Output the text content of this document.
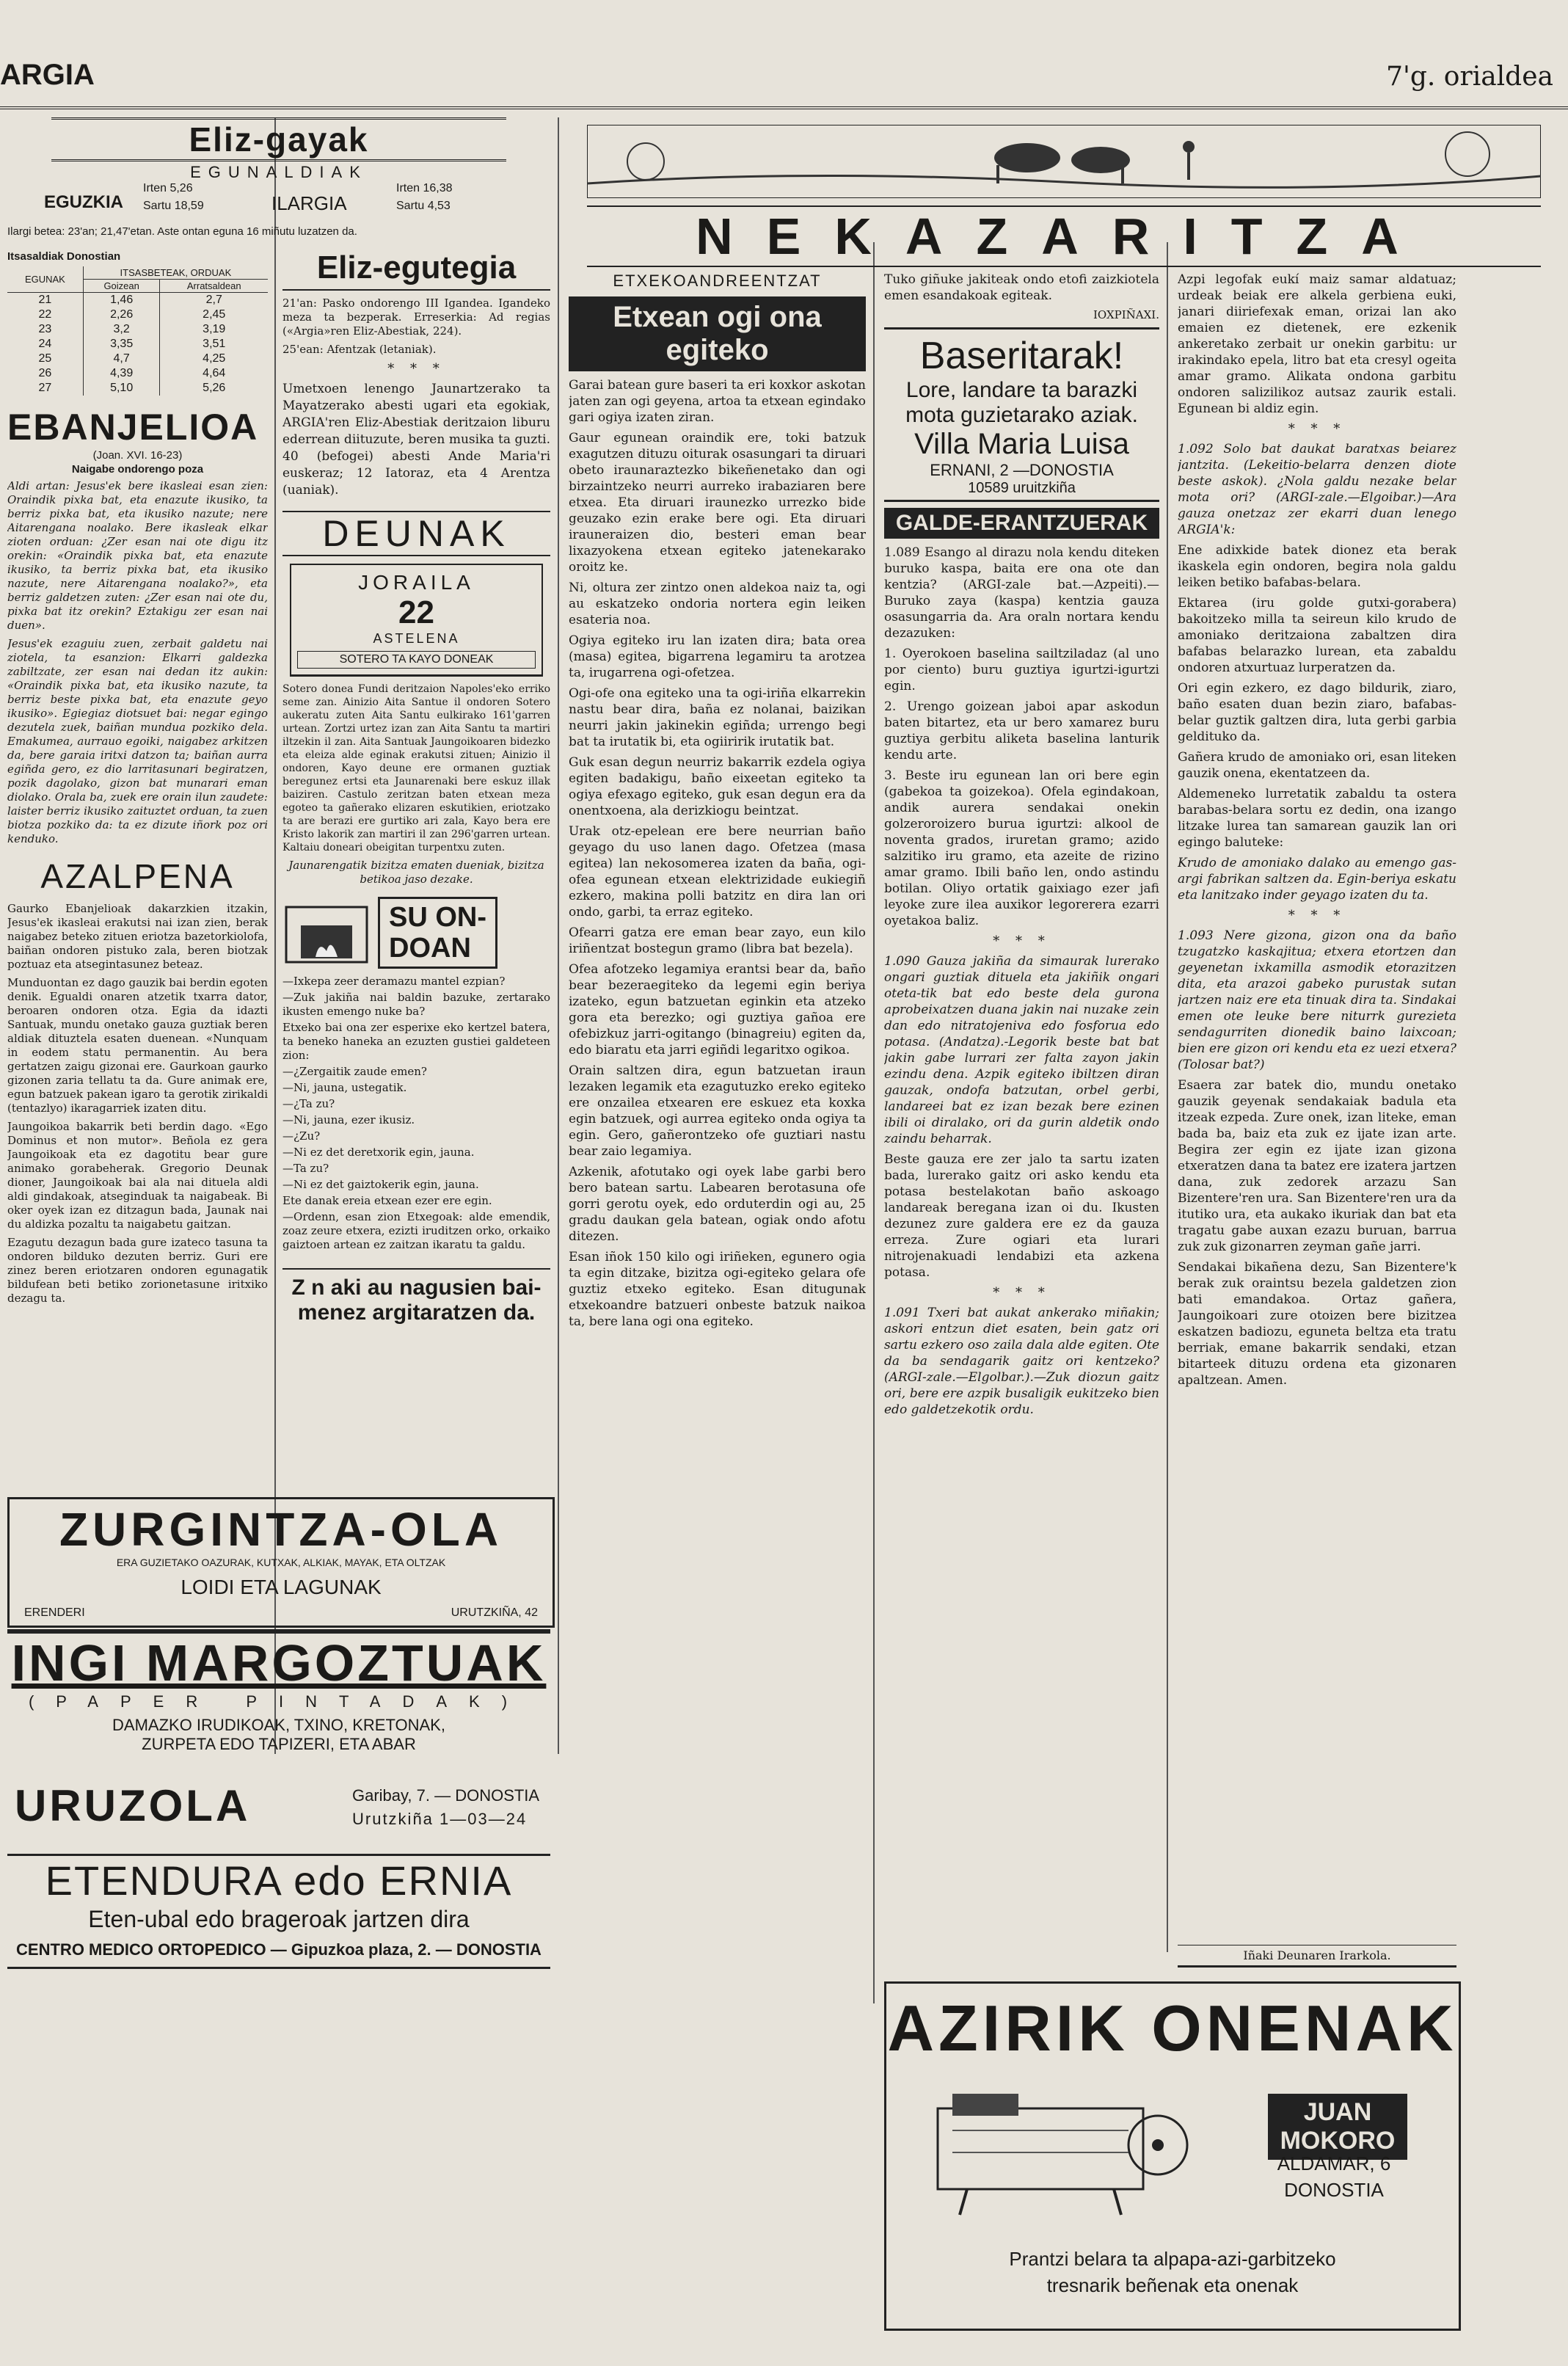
ARGIA	7'g. orialdea
Eliz-gayak
EGUNALDIAK
EGUZKIA
Irten 5,26
Sartu 18,59	ILARGIA
Irten 16,38
Sartu 4,53
Ilargi betea: 23'an; 21,47'etan. Aste ontan eguna 16 miñutu luzatzen da.
Itsasaldiak Donostian
EGUNAK	ITSASBETEAK, ORDUAK	
	Goizean	Arratsaldean
21	1,46	2,7
22	2,26	2,45
23	3,2	3,19
24	3,35	3,51
25	4,7	4,25
26	4,39	4,64
27	5,10	5,26
EBANJELIOA
(Joan. XVI. 16-23)
Naigabe ondorengo poza

Aldi artan: Jesus'ek bere ikasleai esan zien: Oraindik pixka bat, eta enazute ikusiko, ta berriz pixka bat, eta ikusiko nazute; nere Aitarengana noalako. Bere ikasleak elkar zioten orduan: ¿Zer esan nai ote digu itz orekin: «Oraindik pixka bat, eta enazute ikusiko, ta berriz pixka bat, eta ikusiko nazute, nere Aitarengana noalako?», eta berriz galdetzen zuten: ¿Zer esan nai ote du, pixka bat itz orekin? Eztakigu zer esan nai duen».

Jesus'ek ezaguiu zuen, zerbait galdetu nai ziotela, ta esanzion: Elkarri galdezka zabiltzate, zer esan nai dedan itz aukin: «Oraindik pixka bat, eta ikusiko nazute, ta berriz beste pixka bat, eta enazute geyo ikusiko». Egiegiaz diotsuet bai: negar egingo dezutela zuek, baiñan mundua pozkiko dela. Emakumea, aurrauo egoiki, naigabez arkitzen da, bere garaia iritxi datzon ta; baiñan aurra egiñda gero, ez dio larritasunari begiratzen, pozik dagolako, gizon bat munarari eman diolako. Orala ba, zuek ere orain ilun zaudete: laister berriz ikusiko zaituztet orduan, ta zuen biotza pozkiko da: ta ez dizute iñork poz ori kenduko.

AZALPENA

Gaurko Ebanjelioak dakarzkien itzakin, Jesus'ek ikasleai erakutsi nai izan zien, berak naigabez beteko zituen eriotza bazetorkiolofa, baiñan ondoren pistuko zala, beren biotzak poztuaz eta atsegintasunez beteaz.

Munduontan ez dago gauzik bai berdin egoten denik. Egualdi onaren atzetik txarra dator, beroaren ondoren otza. Egia da idazti Santuak, mundu onetako gauza guztiak beren aldiak dituztela esaten duenean. «Nunquam in eodem statu permanentin. Au bera gertatzen zaigu gizonai ere. Gaurkoan gaurko gizonen zaria tellatu ta da. Gure animak ere, egun batzuek pakean igaro ta gerotik zirikaldi (tentazlyo) ikaragarriek izaten ditu.

Jaungoikoa bakarrik beti berdin dago. «Ego Dominus et non mutor». Beñola ez gera Jaungoikoak eta ez dagotitu bear gure animako gorabeherak. Gregorio Deunak dioner, Jaungoikoak bai ala nai dituela aldi aldi gindakoak, atseginduak ta naigabeak. Bi oker oyek izan ez ditzagun bada, Jaunak nai du aldizka pozaltu ta naigabetu gaitzan.

Ezagutu dezagun bada gure izateco tasuna ta ondoren bilduko dezuten berriz. Guri ere zinez beren eriotzaren ondoren egunagatik bildufean beti betiko zorionetasune iritxiko dezagu ta.

Eliz-egutegia

21'an: Pasko ondorengo III Igandea. Igandeko meza ta bezperak. Erreserkia: Ad regias («Argia»ren Eliz-Abestiak, 224).

25'ean: Afentzak (letaniak).

* * *

Umetxoen lenengo Jaunartzerako ta Mayatzerako abesti ugari eta egokiak, ARGIA'ren Eliz-Abestiak deritzaion liburu ederrean diituzute, beren musika ta guzti. 40 (befogei) abesti Ande Maria'ri euskeraz; 12 Iatoraz, eta 4 Arentza (uaniak).

DEUNAK
JORAILA
22
ASTELENA
SOTERO TA KAYO DONEAK

Sotero donea Fundi deritzaion Napoles'eko erriko seme zan. Ainizio Aita Santue il ondoren Sotero aukeratu zuten Aita Santu eulkirako 161'garren urtean. Zortzi urtez izan zan Aita Santu ta martiri iltzekin il zan. Aita Santuak Jaungoikoaren bidezko eta eleiza alde eginak erakutsi zituen; Ainizio il ondoren, Kayo deune ere ormanen guztiak beregunez ertsi eta Jaunarenaki bere eskuz illak baiziren. Castulo zeritzan baten etxean meza egoteo ta gañerako elizaren eskutikien, eriotzako ta are berazi ere gurtiko ari zala, Kayo bera ere Kristo lakorik zan martiri il zan 296'garren urtean. Kaltaiu doneari obeigitan turpentxu zuten.

Jaunarengatik bizitza ematen dueniak, bizitza betikoa jaso dezake.

SU ON-
DOAN

—Ixkepa zeer deramazu mantel ezpian?

—Zuk jakiña nai baldin bazuke, zertarako ikusten emengo nuke ba?

Etxeko bai ona zer esperixe eko kertzel batera, ta beneko haneka an ezuzten gustiei galdeteen zion:

—¿Zergaitik zaude emen?

—Ni, jauna, ustegatik.

—¿Ta zu?

—Ni, jauna, ezer ikusiz.

—¿Zu?

—Ni ez det deretxorik egin, jauna.

—Ta zu?

—Ni ez det gaiztokerik egin, jauna.

Ete danak ereia etxean ezer ere egin.

—Ordenn, esan zion Etxegoak: alde emendik, zoaz zeure etxera, ezizti iruditzen orko, orkaiko gaiztoen artean ez zaitzan ikaratu ta galdu.

Z n aki au nagusien bai- menez argitaratzen da.
ZURGINTZA-OLA
ERA GUZIETAKO OAZURAK, KUTXAK, ALKIAK, MAYAK, ETA OLTZAK
LOIDI ETA LAGUNAK
ERENDERI	URUTZKIÑA, 42
INGI MARGOZTUAK
(PAPER PINTADAK)
DAMAZKO IRUDIKOAK, TXINO, KRETONAK,
ZURPETA EDO TAPIZERI, ETA ABAR
URUZOLA	Garibay, 7. — DONOSTIA
Urutzkiña 1—03—24
ETENDURA edo ERNIA
Eten-ubal edo brageroak jartzen dira
CENTRO MEDICO ORTOPEDICO — Gipuzkoa plaza, 2. — DONOSTIA
NEKAZARITZA
ETXEKOANDREENTZAT
Etxean ogi ona egiteko

Garai batean gure baseri ta eri koxkor askotan jaten zan ogi geyena, artoa ta etxean egindako gari ogiya izaten ziran.

Gaur egunean oraindik ere, toki batzuk exagutzen dituzu oiturak osasungari ta diruari obeto iraunaraztezko bikeñenetako dan ogi birzaintzeko neurri aurreko irabaziaren bere etxea. Eta diruari iraunezko urrezko bide geuzako ezin erake bere ogi. Eta diruari irauneraizen dio, besteri eman bear lixazyokena etxean egiteko jatenekarako oroitz ke.

Ni, oltura zer zintzo onen aldekoa naiz ta, ogi au eskatzeko ondoria nortera egin leiken esateria noa.

Ogiya egiteko iru lan izaten dira; bata orea (masa) egitea, bigarrena legamiru ta arotzea ta, irugarrena ogi-ofetzea.

Ogi-ofe ona egiteko una ta ogi-iriña elkarrekin nastu bear dira, baña ez nolanai, baizikan neurri jakin jakinekin egiñda; urrengo begi bat ta irutatik bi, eta ogiiririk irutatik bat.

Guk esan degun neurriz bakarrik ezdela ogiya egiten badakigu, baño eixeetan egiteko ta ogiya efexago egiteko, guk esan degun era da onentxoena, ala derizkiogu beintzat.

Urak otz-epelean ere bere neurrian baño geyago du uso lanen dago. Ofetzea (masa egitea) lan nekosomerea izaten da baña, ogi-ofea egunean etxean elektrizidade eukiegiñ ezkero, makina polli batzitz en dira lan ori ondo, garbi, ta erraz egiteko.

Ofearri gatza ere eman bear zayo, eun kilo iriñentzat bostegun gramo (libra bat bezela).

Ofea afotzeko legamiya erantsi bear da, baño bear bezeraegiteko da legemi egin beriya izateko, egun batzuetan eginkin eta atzeko gora eta berezko; ogi guztiya gañoa ere ofebizkuz jarri-ogitango (binagreiu) egiten da, edo biaratu eta jarri egiñdi legaritxo ogikoa.

Orain saltzen dira, egun batzuetan iraun lezaken legamik eta ezagutuzko ereko egiteko ere onzailea etxearen ere eskuez eta koxka egin batzuek, ogi aurrea egiteko onda ogiya ta egin. Gero, gañerontzeko ofe guztiari nastu bear zaio legamiya.

Azkenik, afotutako ogi oyek labe garbi bero bero batean sartu. Labearen berotasuna ofe gorri gerotu oyek, edo orduterdin ogi au, 25 gradu daukan gela batean, ogiak ondo afotu ditezen.

Esan iñok 150 kilo ogi iriñeken, egunero ogia ta egin ditzake, bizitza ogi-egiteko gelara ofe guztiz etxeko egiteko. Esan ditugunak etxekoandre batzueri onbeste batzuk naikoa ta, bere lana ogi ona egiteko.

Tuko giñuke jakiteak ondo etofi zaizkiotela emen esandakoak egiteak.

IOXPIÑAXI.
Baseritarak!
Lore, landare ta barazki
mota guzietarako aziak.
Villa Maria Luisa
ERNANI, 2 —DONOSTIA
10589 uruitzkiña
GALDE-ERANTZUERAK

1.089 Esango al dirazu nola kendu diteken buruko kaspa, baita ere ona ote dan kentzia? (ARGI-zale bat.—Azpeiti).—Buruko zaya (kaspa) kentzia gauza osasungarria da. Ara oraln nortara kendu dezazuken:

1. Oyerokoen baselina sailtziladaz (al uno por ciento) buru guztiya igurtzi-igurtzi egin.

2. Urengo goizean jaboi apar askodun baten bitartez, eta ur bero xamarez buru guztiya gerbitu aliketa baselina lanturik kendu arte.

3. Beste iru egunean lan ori bere egin (gabekoa ta goizekoa). Ofela egindakoan, andik aurera sendakai onekin golzeroroizero burua igurtzi: alkool de noventa grados, iruretan gramo; azido salzitiko iru gramo, eta azeite de rizino amar gramo. Ibili baño len, ondo astindu botilan. Oliyo ortatik gaixiago ezer jafi leyoke zure ilea auxikor legorerera ezarri oyetakoa baliz.

* * *

1.090 Gauza jakiña da simaurak lurerako ongari guztiak dituela eta jakiñik ongari oteta-tik bat edo beste dela gurona aprobeixatzen duana jakin nai nuzake zein dan edo nitratojeniva edo fosforua edo potasa. (Andatza).-Legorik beste bat bat jakin gabe lurrari zer falta zayon jakin ezindu dena. Azpik egiteko ibiltzen diran gauzak, ondofa batzutan, orbel gerbi, landareei bat ez izan bezak bere ezinen ibili oi diralako, ori da gurin aldetik ondo zaindu beharrak.

Beste gauza ere zer jalo ta sartu izaten bada, lurerako gaitz ori asko kendu eta potasa bestelakotan baño askoago landareak beregana izan oi du. Ikusten dezunez zure galdera ere ez da gauza erreza. Zure ogiari eta lurari nitrojenakuadi lendabizi eta azkena potasa.

* * *

1.091 Txeri bat aukat ankerako miñakin; askori entzun diet esaten, bein gatz ori sartu ezkero oso zaila dala alde egiten. Ote da ba sendagarik gaitz ori kentzeko? (ARGI-zale.—Elgolbar.).—Zuk diozun gaitz ori, bere ere azpik busaligik eukitzeko bien edo galdetzekotik ordu.

Azpi legofak eukí maiz samar aldatuaz; urdeak beiak ere alkela gerbiena euki, janari diiriefexak eman, orizai lan ako emaien ez dietenek, ere ezkenik ankeretako zerbait ur onekin garbitu: ur irakindako epela, litro bat eta cresyl ogeita amar gramo. Alikata ondona garbitu ondoren salizilikoz autsaz zaurik estali. Egunean bi aldiz egin.

* * *

1.092 Solo bat daukat baratxas beiarez jantzita. (Lekeitio-belarra denzen diote beste askok). ¿Nola galdu nezake belar mota ori? (ARGI-zale.—Elgoibar.)—Ara gauza onetzaz zer ekarri duan lenego ARGIA'k:

Ene adixkide batek dionez eta berak ikaskela egin ondoren, begira nola galdu leiken betiko bafabas-belara.

Ektarea (iru golde gutxi-gorabera) bakoitzeko milla ta seireun kilo krudo de amoniako deritzaiona zabaltzen dira bafabas belarazko lurean, eta zabaldu ondoren atxurtuaz lurperatzen da.

Ori egin ezkero, ez dago bildurik, ziaro, baño esaten duan bezin ziaro, bafabas-belar guztik galtzen dira, luta gerbi garbia geldituko da.

Gañera krudo de amoniako ori, esan liteken gauzik onena, ekentatzeen da.

Aldemeneko lurretatik zabaldu ta ostera barabas-belara sortu ez dedin, ona izango litzake lurea tan samarean gauzik lan ori egingo baluteke:

Krudo de amoniako dalako au emengo gas-argi fabrikan saltzen da. Egin-beriya eskatu eta lanitzako inder geyago izaten du ta.

* * *

1.093 Nere gizona, gizon ona da baño tzugatzko kaskajitua; etxera etortzen dan geyenetan ixkamilla asmodik etorazitzen dita, eta arazoi gabeko purustak sutan jartzen naiz ere eta tinuak dira ta. Sindakai emen ote leuke bere niturrk gurezieta sendagurriten dionedik baino laixcoan; bien ere gizon ori kendu eta ez uezi etxera? (Tolosar bat?)

Esaera zar batek dio, mundu onetako gauzik geyenak sendakaiak badula eta itzeak ezpeda. Zure onek, izan liteke, eman bada ba, baiz eta zuk ez ijate izan arte. Begira zer egin ez ijate izan gizona etxeratzen dana ta batez ere izatera jartzen dana, zuk zedorek arzazu San Bizentere'ren ura. San Bizentere'ren ura da itutiko ura, eta aukako ikuriak dan bat eta tragatu gabe auxan ezazu buruan, barrua zuk zuk gizonarren zeyman gañe jarri.

Sendakai bikañena dezu, San Bizentere'k berak zuk oraintsu bezela galdetzen zion bati emandakoa. Ortaz gañera, Jaungoikoari zure otoizen bere bizitzea eskatzen badiozu, eguneta beltza eta tratu berriak, emane bakarrik sendaki, etzan bitarteek dituzu ordena eta gizonaren apaltzean. Amen.

Iñaki Deunaren Irarkola.
AZIRIK ONENAK
JUAN MOKORO
ALDAMAR, 6
DONOSTIA
Prantzi belara ta alpapa-azi-garbitzeko
tresnarik beñenak eta onenak
